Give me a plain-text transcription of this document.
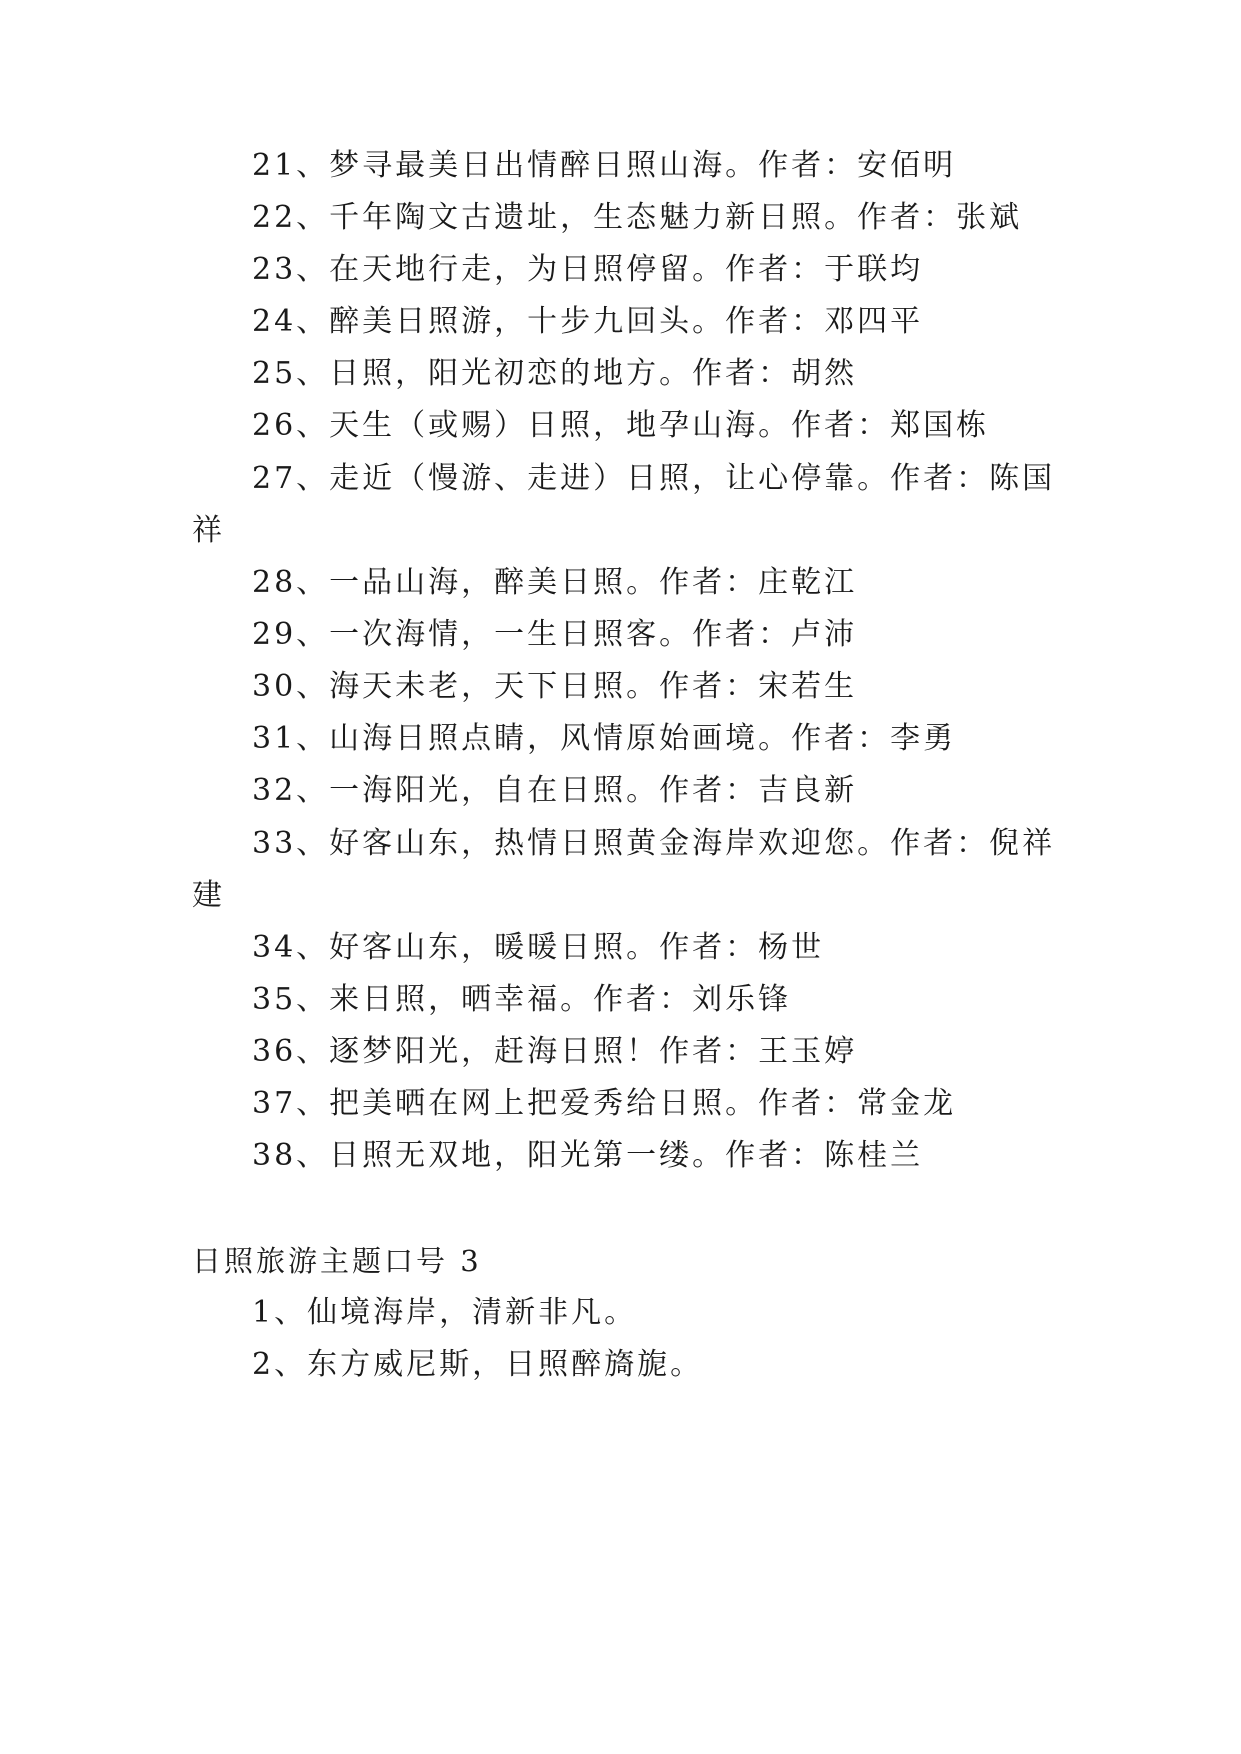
21、梦寻最美日出情醉日照山海。作者：安佰明
22、千年陶文古遗址，生态魅力新日照。作者：张斌
23、在天地行走，为日照停留。作者：于联均
24、醉美日照游，十步九回头。作者：邓四平
25、日照，阳光初恋的地方。作者：胡然
26、天生（或赐）日照，地孕山海。作者：郑国栋
27、走近（慢游、走进）日照，让心停靠。作者：陈国
祥
28、一品山海，醉美日照。作者：庄乾江
29、一次海情，一生日照客。作者：卢沛
30、海天未老，天下日照。作者：宋若生
31、山海日照点睛，风情原始画境。作者：李勇
32、一海阳光，自在日照。作者：吉良新
33、好客山东，热情日照黄金海岸欢迎您。作者：倪祥
建
34、好客山东，暖暖日照。作者：杨世
35、来日照，晒幸福。作者：刘乐锋
36、逐梦阳光，赶海日照！作者：王玉婷
37、把美晒在网上把爱秀给日照。作者：常金龙
38、日照无双地，阳光第一缕。作者：陈桂兰
日照旅游主题口号 3
1、仙境海岸，清新非凡。
2、东方威尼斯，日照醉旖旎。
